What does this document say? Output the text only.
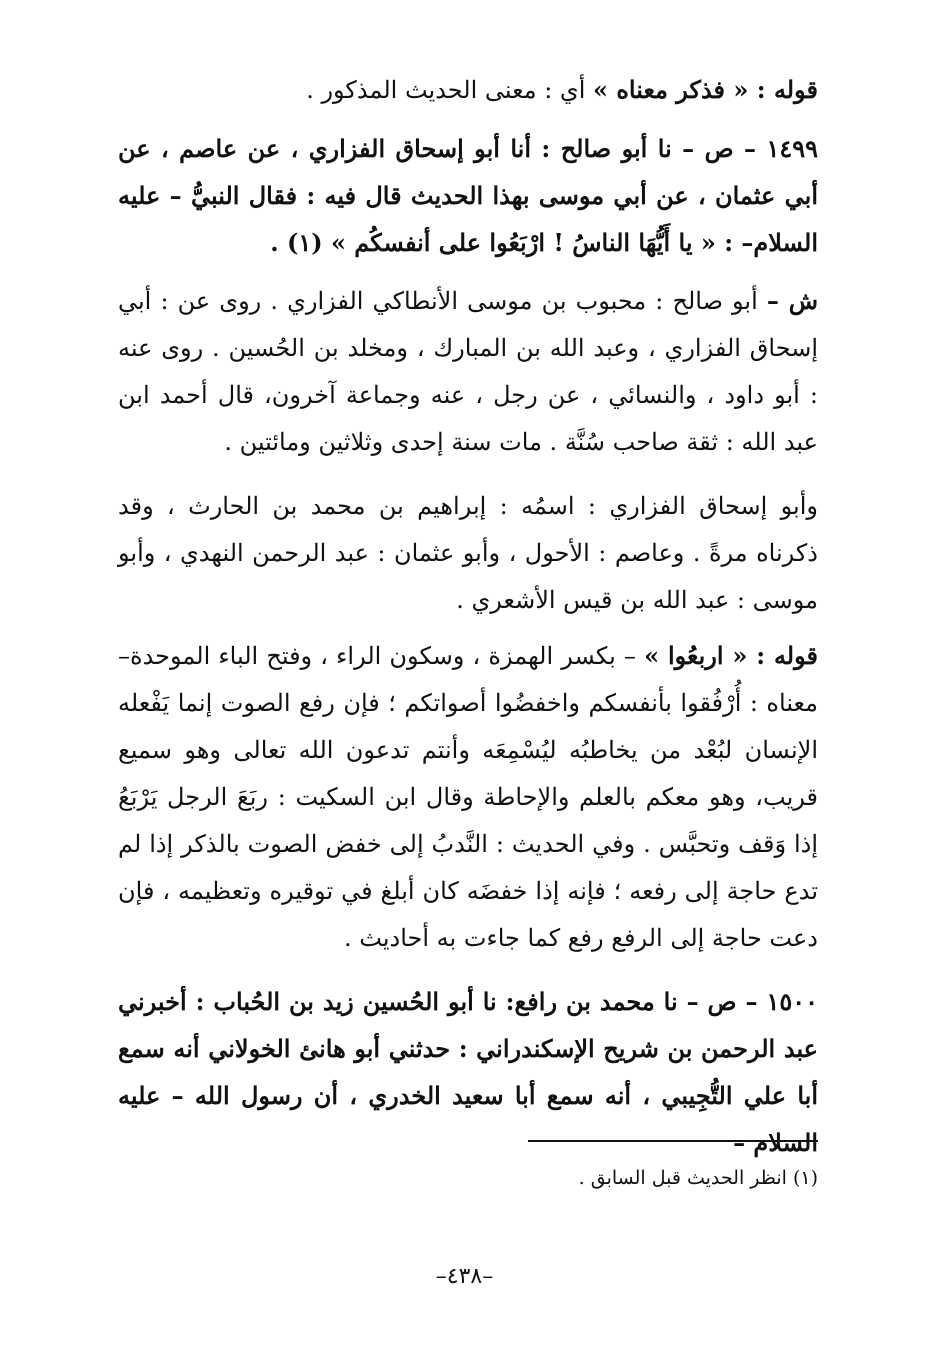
قوله : « فذكر معناه » أي : معنى الحديث المذكور .

١٤٩٩ – ص – نا أبو صالح : أنا أبو إسحاق الفزاري ، عن عاصم ، عن أبي عثمان ، عن أبي موسى بهذا الحديث قال فيه : فقال النبيُّ – عليه السلام– : « يا أَيُّهَا الناسُ ! ارْبَعُوا على أنفسكُم » (١) .

ش – أبو صالح : محبوب بن موسى الأنطاكي الفزاري . روى عن : أبي إسحاق الفزاري ، وعبد الله بن المبارك ، ومخلد بن الحُسين . روى عنه : أبو داود ، والنسائي ، عن رجل ، عنه وجماعة آخرون، قال أحمد ابن عبد الله : ثقة صاحب سُنَّة . مات سنة إحدى وثلاثين ومائتين .

وأبو إسحاق الفزاري : اسمُه : إبراهيم بن محمد بن الحارث ، وقد ذكرناه مرةً . وعاصم : الأحول ، وأبو عثمان : عبد الرحمن النهدي ، وأبو موسى : عبد الله بن قيس الأشعري .

قوله : « اربعُوا » – بكسر الهمزة ، وسكون الراء ، وفتح الباء الموحدة– معناه : أُرْفُقوا بأنفسكم واخفضُوا أصواتكم ؛ فإن رفع الصوت إنما يَفْعله الإنسان لبُعْد من يخاطبُه ليُسْمِعَه وأنتم تدعون الله تعالى وهو سميع قريب، وهو معكم بالعلم والإحاطة وقال ابن السكيت : ربَعَ الرجل يَرْبَعُ إذا وَقف وتحبَّس . وفي الحديث : النَّدبُ إلى خفض الصوت بالذكر إذا لم تدع حاجة إلى رفعه ؛ فإنه إذا خفضَه كان أبلغ في توقيره وتعظيمه ، فإن دعت حاجة إلى الرفع رفع كما جاءت به أحاديث .

١٥٠٠ – ص – نا محمد بن رافع: نا أبو الحُسين زيد بن الحُباب : أخبرني عبد الرحمن بن شريح الإسكندراني : حدثني أبو هانئ الخولاني أنه سمع أبا علي التُّجِيبي ، أنه سمع أبا سعيد الخدري ، أن رسول الله – عليه السلام –

(١) انظر الحديث قبل السابق .

–٤٣٨–
